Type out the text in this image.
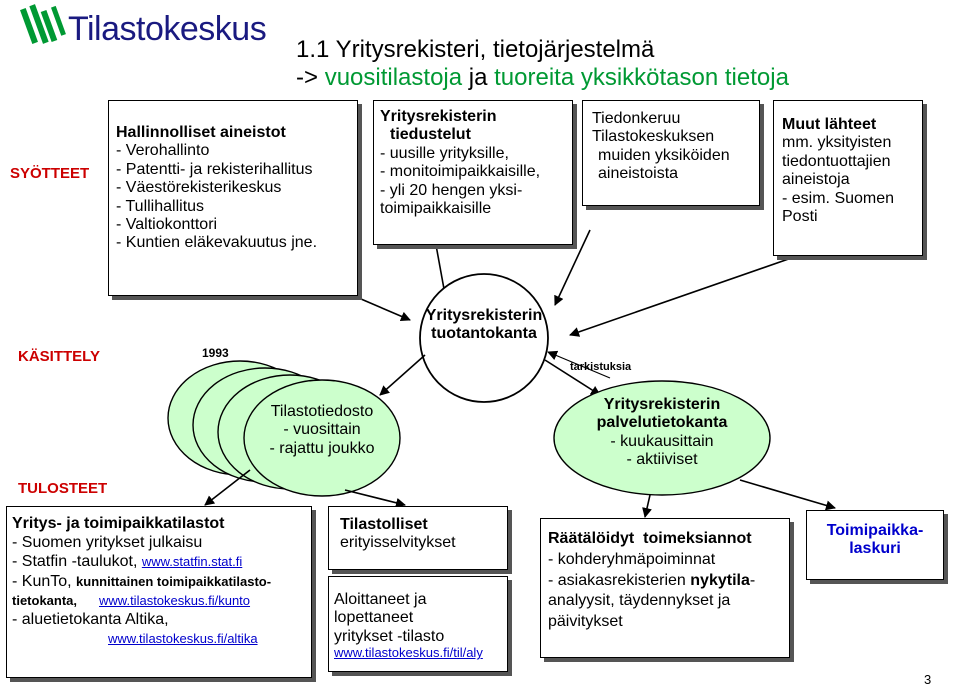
Tilastokeskus
1.1 Yritysrekisteri, tietojärjestelmä
-> vuositilastoja ja tuoreita yksikkötason tietoja
SYÖTTEET
KÄSITTELY
TULOSTEET
Hallinnolliset aineistot
- Verohallinto
- Patentti- ja rekisterihallitus
- Väestörekisterikeskus
- Tullihallitus
- Valtiokonttori
- Kuntien eläkevakuutus jne.
Yritysrekisterin
tiedustelut
- uusille yrityksille,
- monitoimipaikkaisille,
- yli 20 hengen yksi-
toimipaikkaisille
Tiedonkeruu
Tilastokeskuksen
muiden yksiköiden
aineistoista
Muut lähteet
mm. yksityisten
tiedontuottajien
aineistoja
- esim. Suomen
Posti
Yritysrekisterin
tuotantokanta
1993
tarkistuksia
Tilastotiedosto
- vuosittain
- rajattu joukko
Yritysrekisterin
palvelutietokanta
- kuukausittain
- aktiiviset
Yritys- ja toimipaikkatilastot
- Suomen yritykset julkaisu
- Statfin -taulukot, www.statfin.stat.fi
- KunTo, kunnittainen toimipaikkatilasto-
tietokanta, www.tilastokeskus.fi/kunto
- aluetietokanta Altika,
www.tilastokeskus.fi/altika
Tilastolliset
erityisselvitykset
Aloittaneet ja
lopettaneet
yritykset -tilasto
www.tilastokeskus.fi/til/aly
Räätälöidyt toimeksiannot
- kohderyhmäpoiminnat
- asiakasrekisterien nykytila-
analyysit, täydennykset ja
päivitykset
Toimipaikka-
laskuri
3
